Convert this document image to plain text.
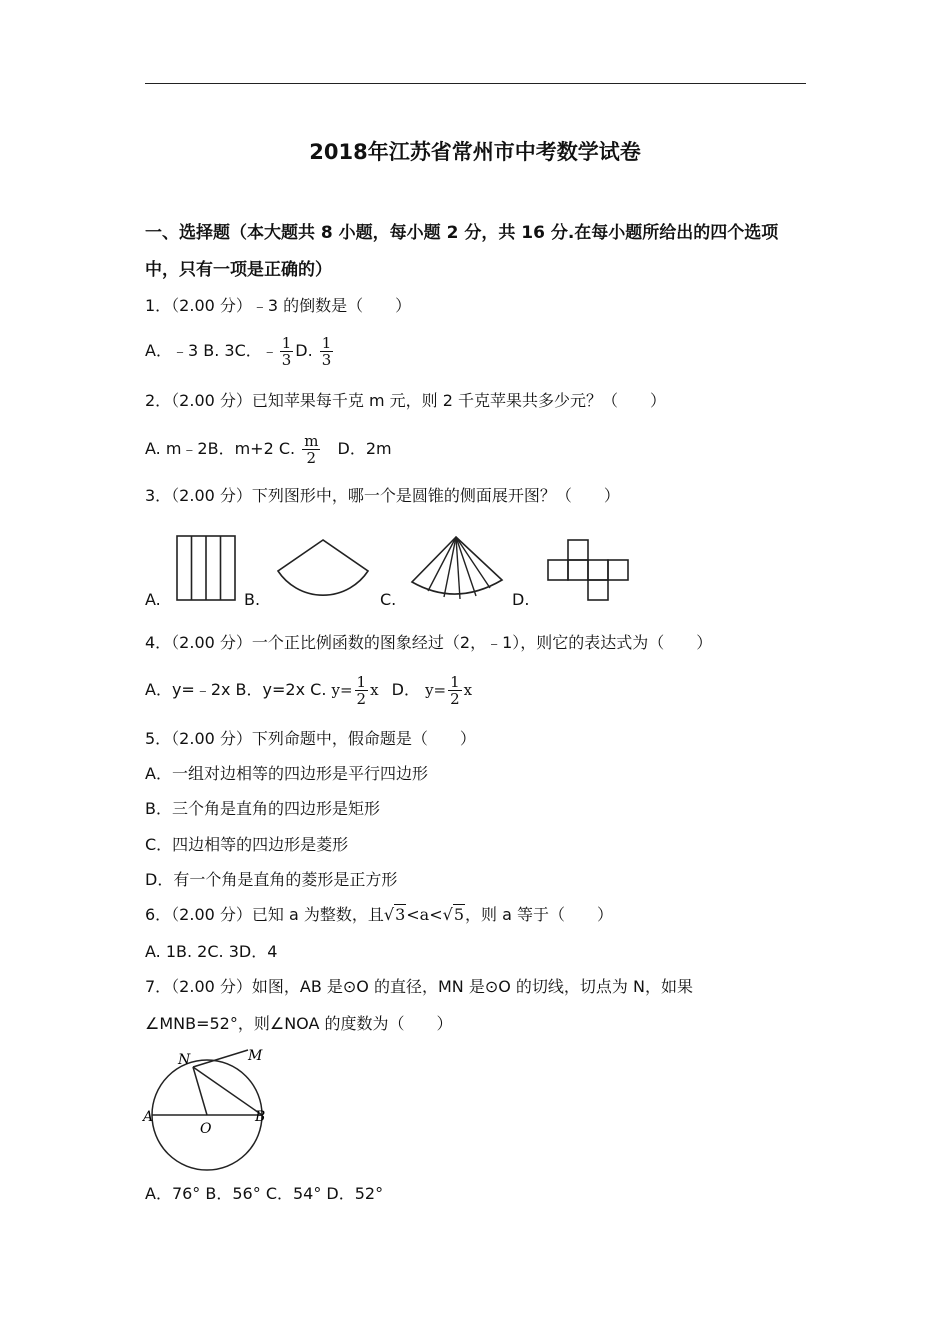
2018年江苏省常州市中考数学试卷
一、选择题（本大题共 8 小题，每小题 2 分，共 16 分.在每小题所给出的四个选项
中，只有一项是正确的）
1．（2.00 分）﹣3 的倒数是（　　）
A．﹣3 B. 3C．﹣ $\frac{1}{3} D$. $\frac{1}{3}$
2．（2.00 分）已知苹果每千克 m 元，则 2 千克苹果共多少元？（　　）
A. m﹣2B．m+2 C. $\frac{m}{2}$ D．2m
3．（2.00 分）下列图形中，哪一个是圆锥的侧面展开图？（　　）
A.	B.	C.	D.
4．（2.00 分）一个正比例函数的图象经过（2，﹣1），则它的表达式为（　　）
A．y=﹣2x B．y=2x C. $y= \frac{1}{2}$ x D． $y= \frac{1}{2}$ x
5．（2.00 分）下列命题中，假命题是（　　）
A．一组对边相等的四边形是平行四边形
B．三个角是直角的四边形是矩形
C．四边相等的四边形是菱形
D．有一个角是直角的菱形是正方形
6．（2.00 分）已知 a 为整数，且√3<a<√5，则 a 等于（　　）
A. 1B. 2C. 3D．4
7．（2.00 分）如图，AB 是⊙O 的直径，MN 是⊙O 的切线，切点为 N，如果
∠MNB=52°，则∠NOA 的度数为（　　）
N	M
A
O
B
A．76° B．56° C．54° D．52°
